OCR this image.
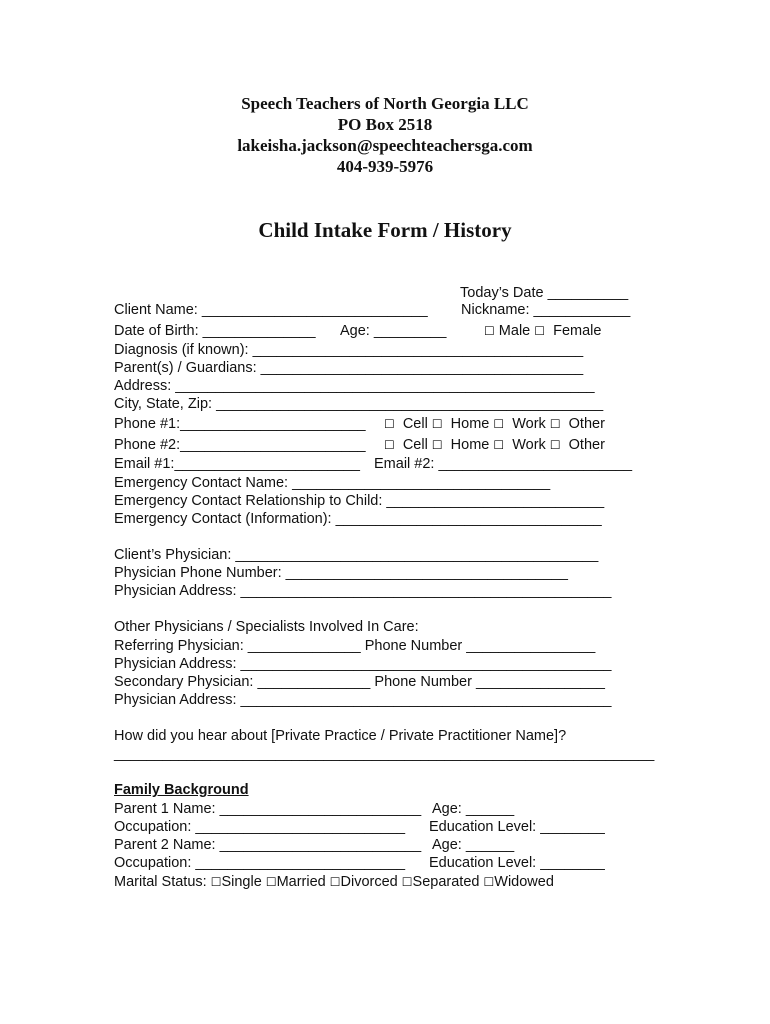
Speech Teachers of North Georgia LLC
PO Box 2518
lakeisha.jackson@speechteachersga.com
404-939-5976
Child Intake Form / History
Today’s Date __________
Client Name: ____________________________ Nickname: ____________
Date of Birth: ______________ Age: _________	☐ Male ☐ Female
Diagnosis (if known): _________________________________________
Parent(s) / Guardians: ________________________________________
Address: ____________________________________________________
City, State, Zip: ________________________________________________
Phone #1:_______________________ ☐ Cell ☐ Home ☐ Work ☐ Other
Phone #2:_______________________ ☐ Cell ☐ Home ☐ Work ☐ Other
Email #1:_______________________ Email #2: ________________________
Emergency Contact Name: ________________________________
Emergency Contact Relationship to Child: ___________________________
Emergency Contact (Information): _________________________________
Client’s Physician: _____________________________________________
Physician Phone Number: ___________________________________
Physician Address: ______________________________________________
Other Physicians / Specialists Involved In Care:
Referring Physician: ______________ Phone Number ________________
Physician Address: ______________________________________________
Secondary Physician: ______________ Phone Number ________________
Physician Address: ______________________________________________
How did you hear about [Private Practice / Private Practitioner Name]?
___________________________________________________________________
Family Background
Parent 1 Name: _________________________ Age: ______
Occupation: __________________________ Education Level: ________
Parent 2 Name: _________________________ Age: ______
Occupation: __________________________ Education Level: ________
Marital Status: ☐Single ☐Married ☐Divorced ☐Separated ☐Widowed
